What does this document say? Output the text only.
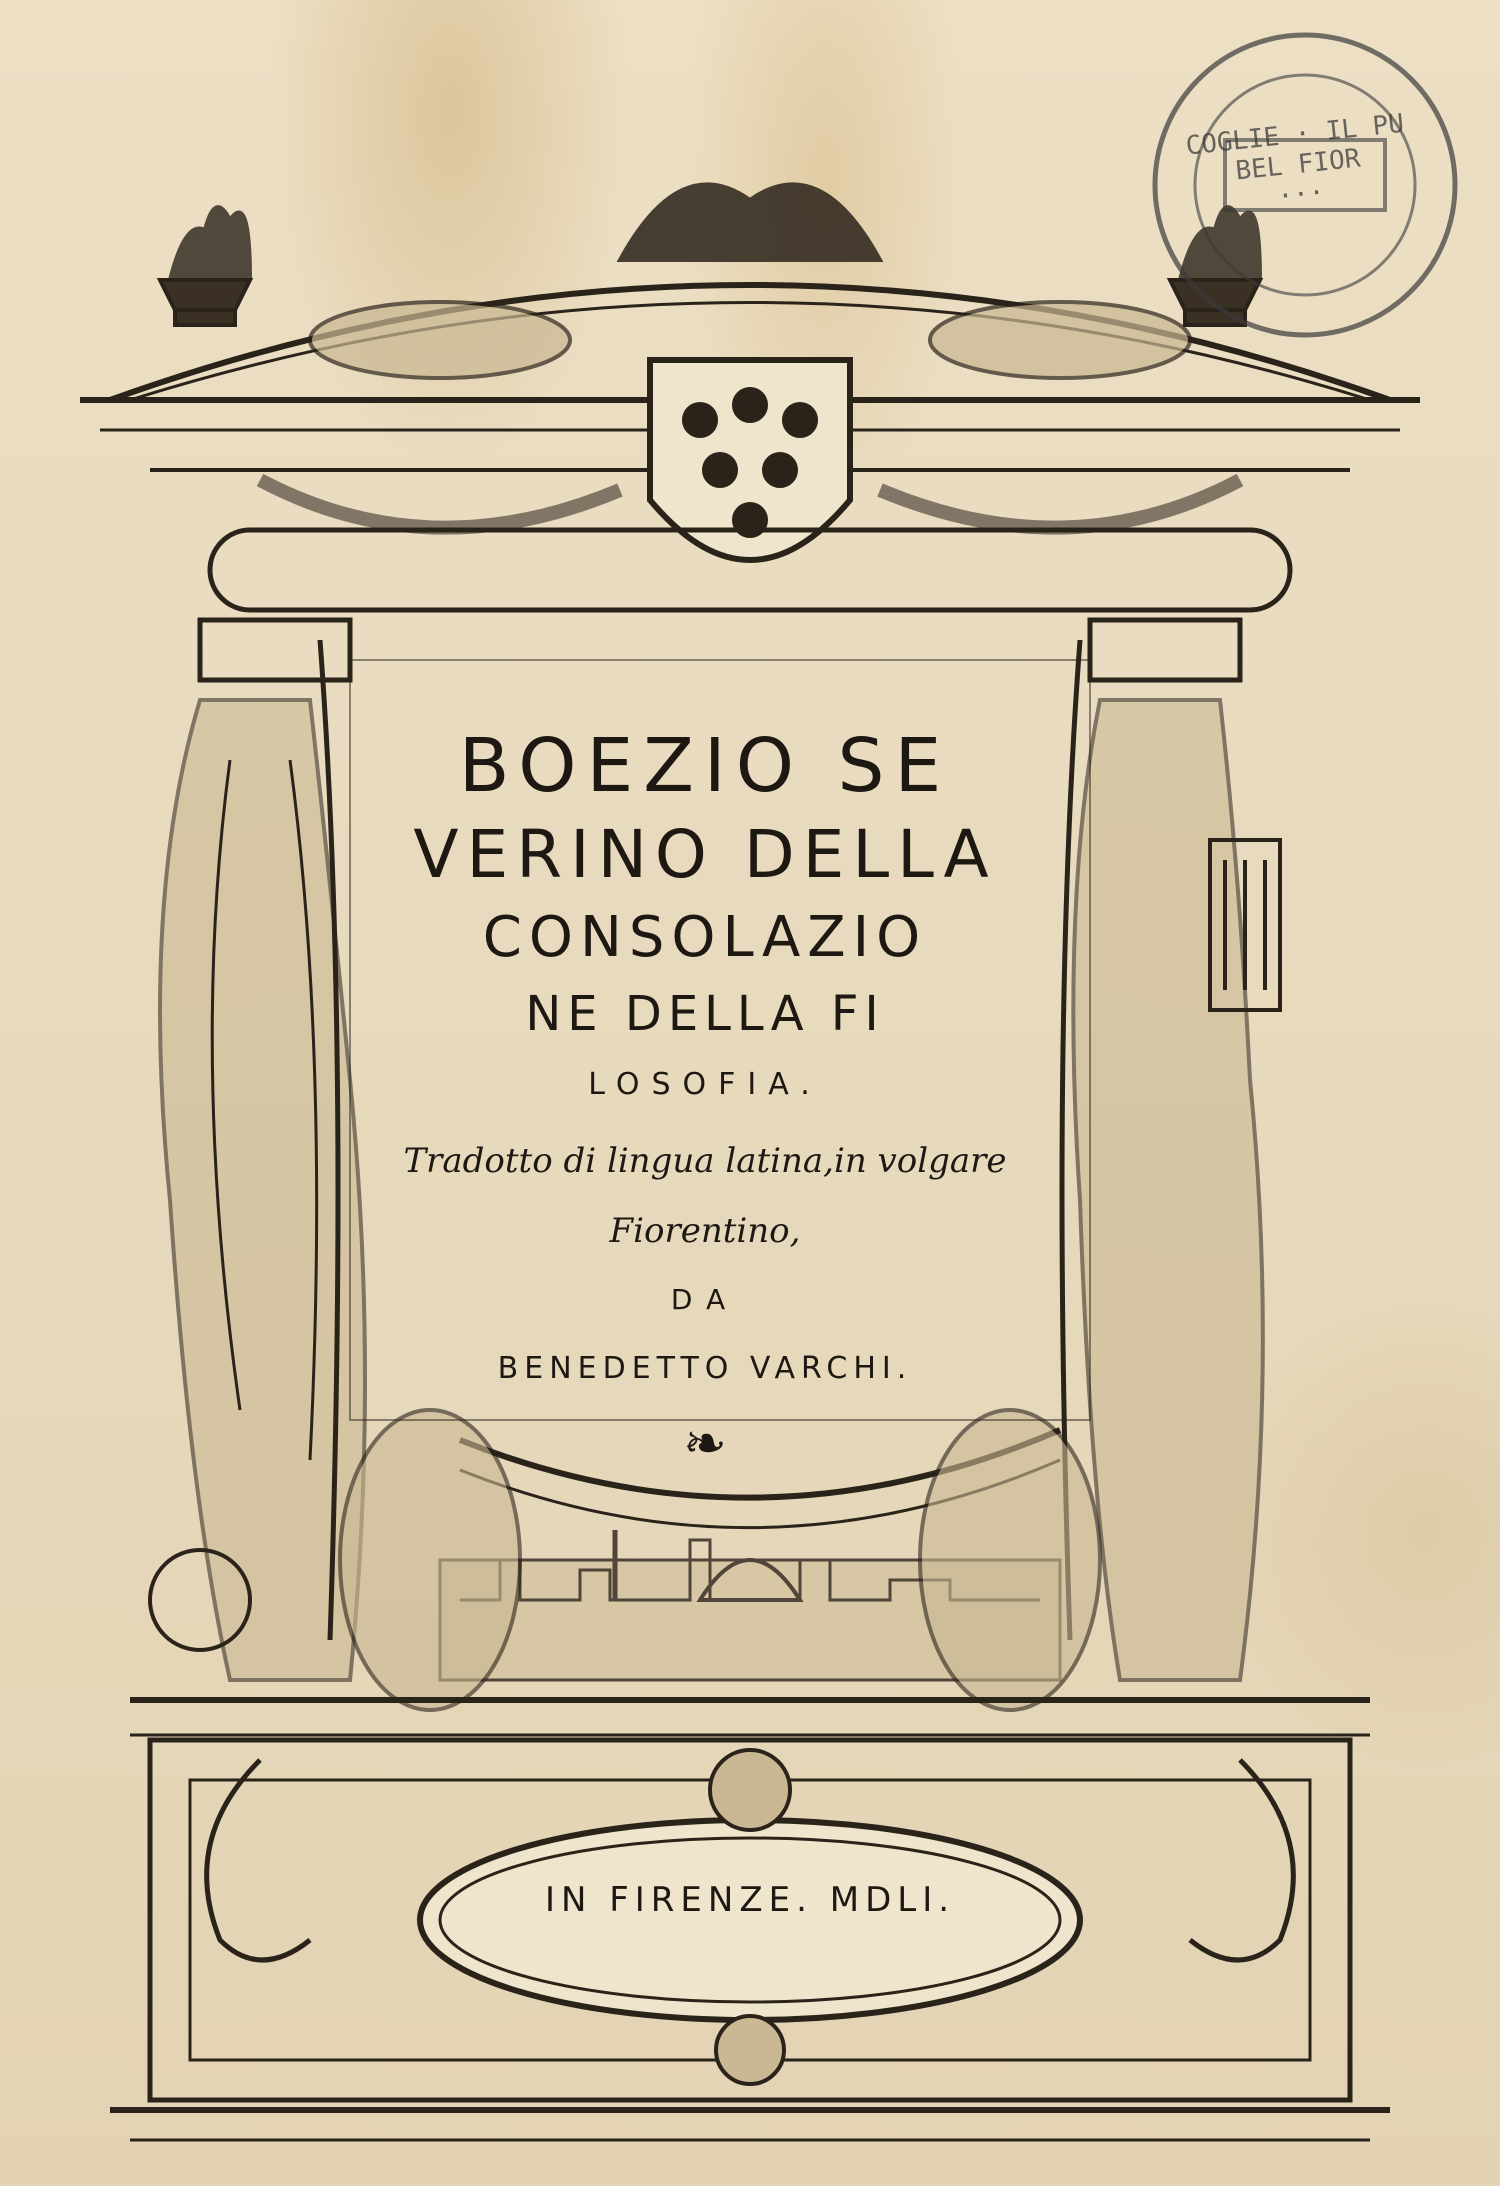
COGLIE · IL PU BEL FIOR
···
BOEZIO SE
VERINO DELLA
CONSOLAZIO
NE DELLA FI
LOSOFIA.
Tradotto di lingua latina,in volgare Fiorentino,
DA
BENEDETTO VARCHI.
❧
IN FIRENZE. MDLI.
